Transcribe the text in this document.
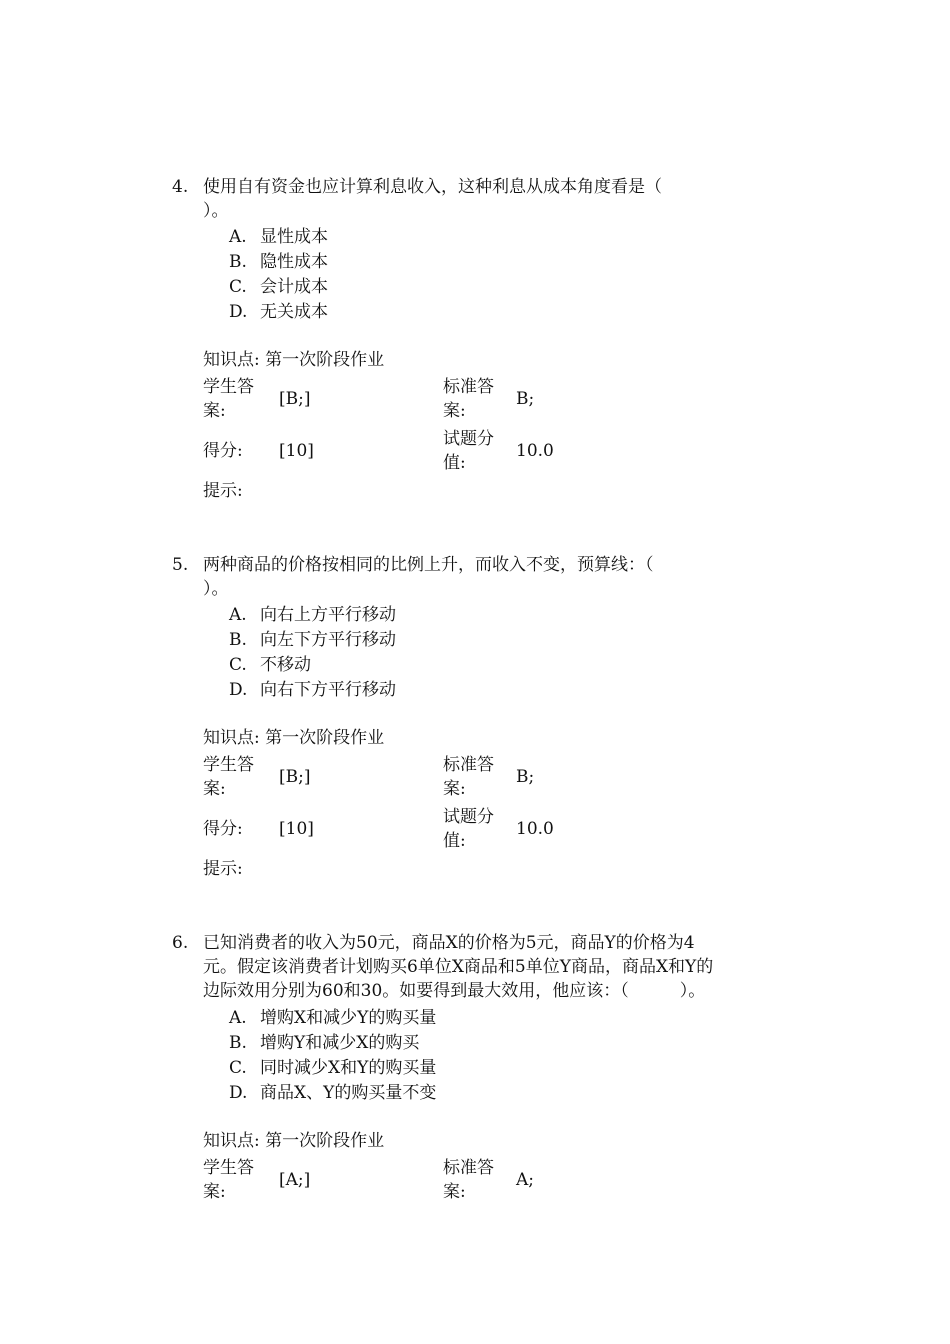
4. 使用自有资金也应计算利息收入，这种利息从成本角度看是（
）。
A. 显性成本
B. 隐性成本
C. 会计成本
D. 无关成本
知识点: 第一次阶段作业
学生答
案:
[B;]
标准答
案:
B;
得分:	[10]
试题分
值:
10.0
提示:
5. 两种商品的价格按相同的比例上升，而收入不变，预算线：（
）。
A. 向右上方平行移动
B. 向左下方平行移动
C. 不移动
D. 向右下方平行移动
知识点: 第一次阶段作业
学生答
案:
[B;]
标准答
案:
B;
得分:	[10]
试题分
值:
10.0
提示:
6. 已知消费者的收入为50元，商品X的价格为5元，商品Y的价格为4
元。假定该消费者计划购买6单位X商品和5单位Y商品，商品X和Y的
边际效用分别为60和30。如要得到最大效用，他应该：（　　　）。
A. 增购X和减少Y的购买量
B. 增购Y和减少X的购买
C. 同时减少X和Y的购买量
D. 商品X、Y的购买量不变
知识点: 第一次阶段作业
学生答
案:
[A;]
标准答
案:
A;
